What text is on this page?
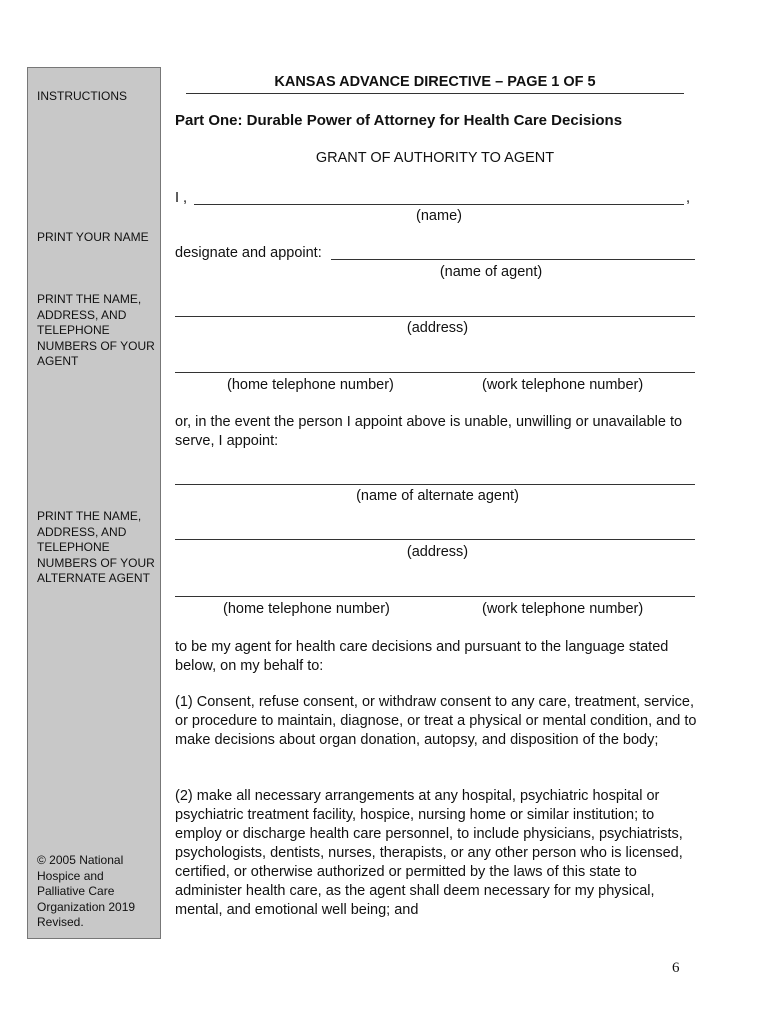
INSTRUCTIONS
PRINT YOUR NAME
PRINT THE NAME, ADDRESS, AND TELEPHONE NUMBERS OF YOUR AGENT
PRINT THE NAME, ADDRESS, AND TELEPHONE NUMBERS OF YOUR ALTERNATE AGENT
© 2005 National Hospice and Palliative Care Organization 2019 Revised.
KANSAS ADVANCE DIRECTIVE – PAGE 1 OF 5
Part One: Durable Power of Attorney for Health Care Decisions
GRANT OF AUTHORITY TO AGENT
I ,	,
(name)
designate and appoint:
(name of agent)
(address)
(home telephone number)	(work telephone number)
or, in the event the person I appoint above is unable, unwilling or unavailable to serve, I appoint:
(name of alternate agent)
(address)
(home telephone number)	(work telephone number)
to be my agent for health care decisions and pursuant to the language stated below, on my behalf to:
(1) Consent, refuse consent, or withdraw consent to any care, treatment, service, or procedure to maintain, diagnose, or treat a physical or mental condition, and to make decisions about organ donation, autopsy, and disposition of the body;
(2) make all necessary arrangements at any hospital, psychiatric hospital or psychiatric treatment facility, hospice, nursing home or similar institution; to employ or discharge health care personnel, to include physicians, psychiatrists, psychologists, dentists, nurses, therapists, or any other person who is licensed, certified, or otherwise authorized or permitted by the laws of this state to administer health care, as the agent shall deem necessary for my physical, mental, and emotional well being; and
6
